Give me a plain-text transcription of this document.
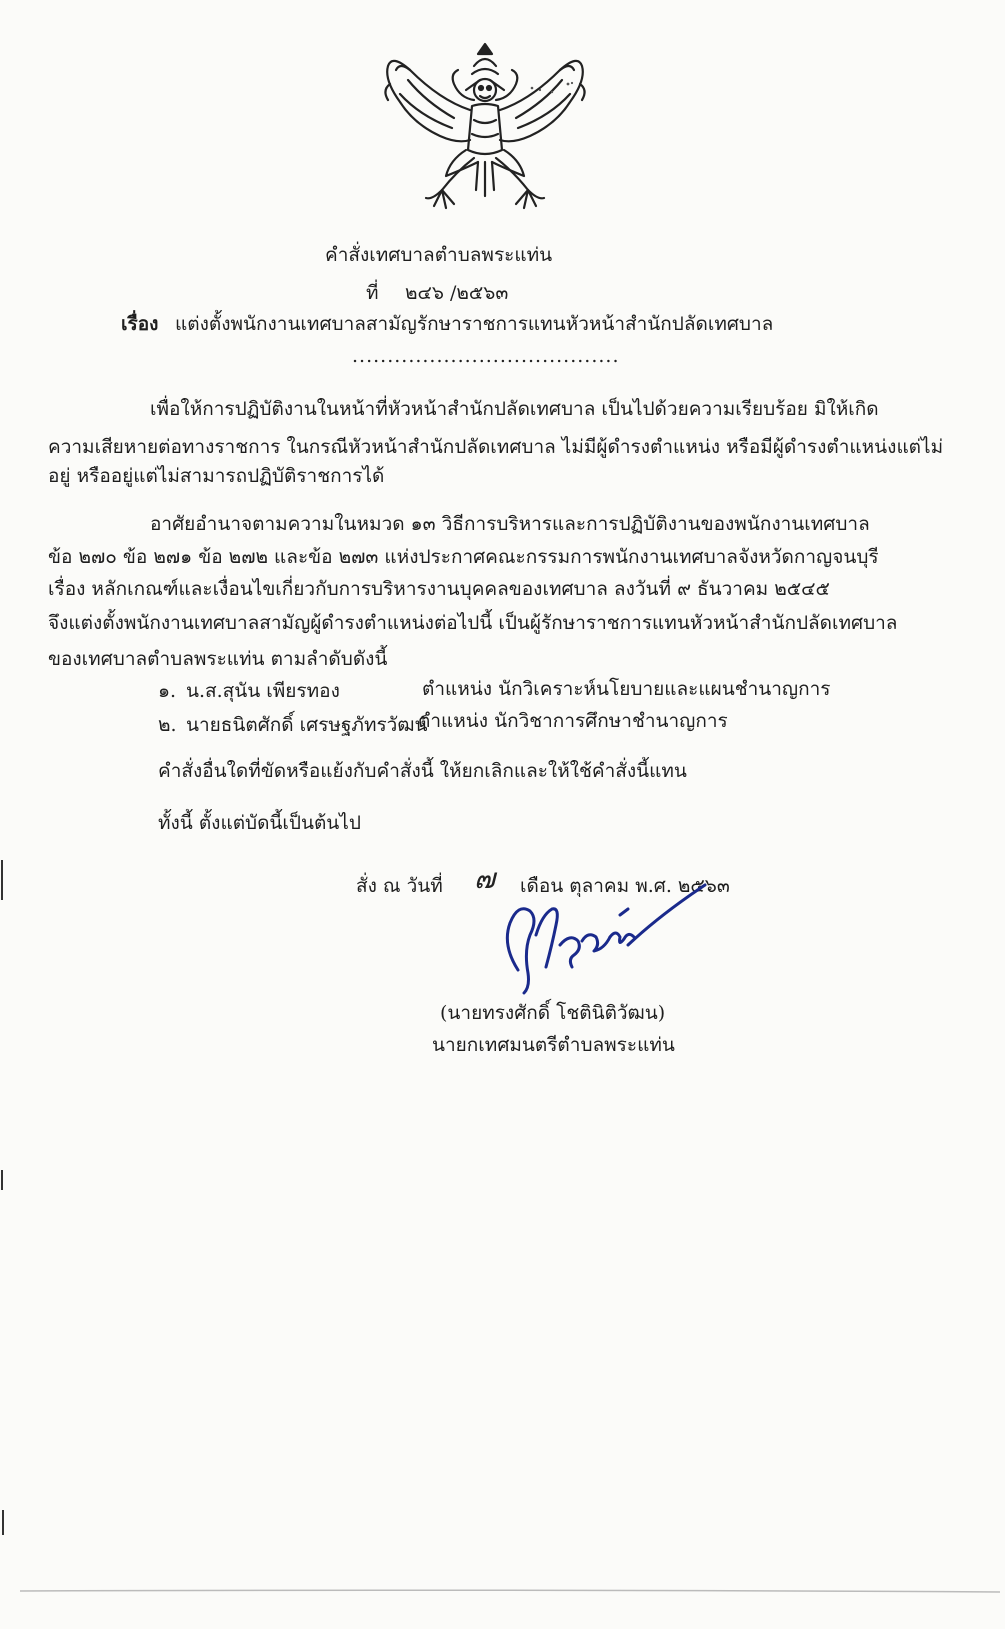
คำสั่งเทศบาลตำบลพระแท่น
ที่ ๒๔๖ /๒๕๖๓
เรื่อง แต่งตั้งพนักงานเทศบาลสามัญรักษาราชการแทนหัวหน้าสำนักปลัดเทศบาล
......................................
เพื่อให้การปฏิบัติงานในหน้าที่หัวหน้าสำนักปลัดเทศบาล เป็นไปด้วยความเรียบร้อย มิให้เกิด
ความเสียหายต่อทางราชการ ในกรณีหัวหน้าสำนักปลัดเทศบาล ไม่มีผู้ดำรงตำแหน่ง หรือมีผู้ดำรงตำแหน่งแต่ไม่
อยู่ หรืออยู่แต่ไม่สามารถปฏิบัติราชการได้
อาศัยอำนาจตามความในหมวด ๑๓ วิธีการบริหารและการปฏิบัติงานของพนักงานเทศบาล
ข้อ ๒๗๐ ข้อ ๒๗๑ ข้อ ๒๗๒ และข้อ ๒๗๓ แห่งประกาศคณะกรรมการพนักงานเทศบาลจังหวัดกาญจนบุรี
เรื่อง หลักเกณฑ์และเงื่อนไขเกี่ยวกับการบริหารงานบุคคลของเทศบาล ลงวันที่ ๙ ธันวาคม ๒๕๔๕
จึงแต่งตั้งพนักงานเทศบาลสามัญผู้ดำรงตำแหน่งต่อไปนี้ เป็นผู้รักษาราชการแทนหัวหน้าสำนักปลัดเทศบาล
ของเทศบาลตำบลพระแท่น ตามลำดับดังนี้
๑. น.ส.สุนัน เพียรทอง	ตำแหน่ง นักวิเคราะห์นโยบายและแผนชำนาญการ
๒. นายธนิตศักดิ์ เศรษฐภัทรวัฒน์
ตำแหน่ง นักวิชาการศึกษาชำนาญการ
คำสั่งอื่นใดที่ขัดหรือแย้งกับคำสั่งนี้ ให้ยกเลิกและให้ใช้คำสั่งนี้แทน
ทั้งนี้ ตั้งแต่บัดนี้เป็นต้นไป
สั่ง ณ วันที่ ๗ เดือน ตุลาคม พ.ศ. ๒๕๖๓
(นายทรงศักดิ์ โชตินิติวัฒน)
นายกเทศมนตรีตำบลพระแท่น
